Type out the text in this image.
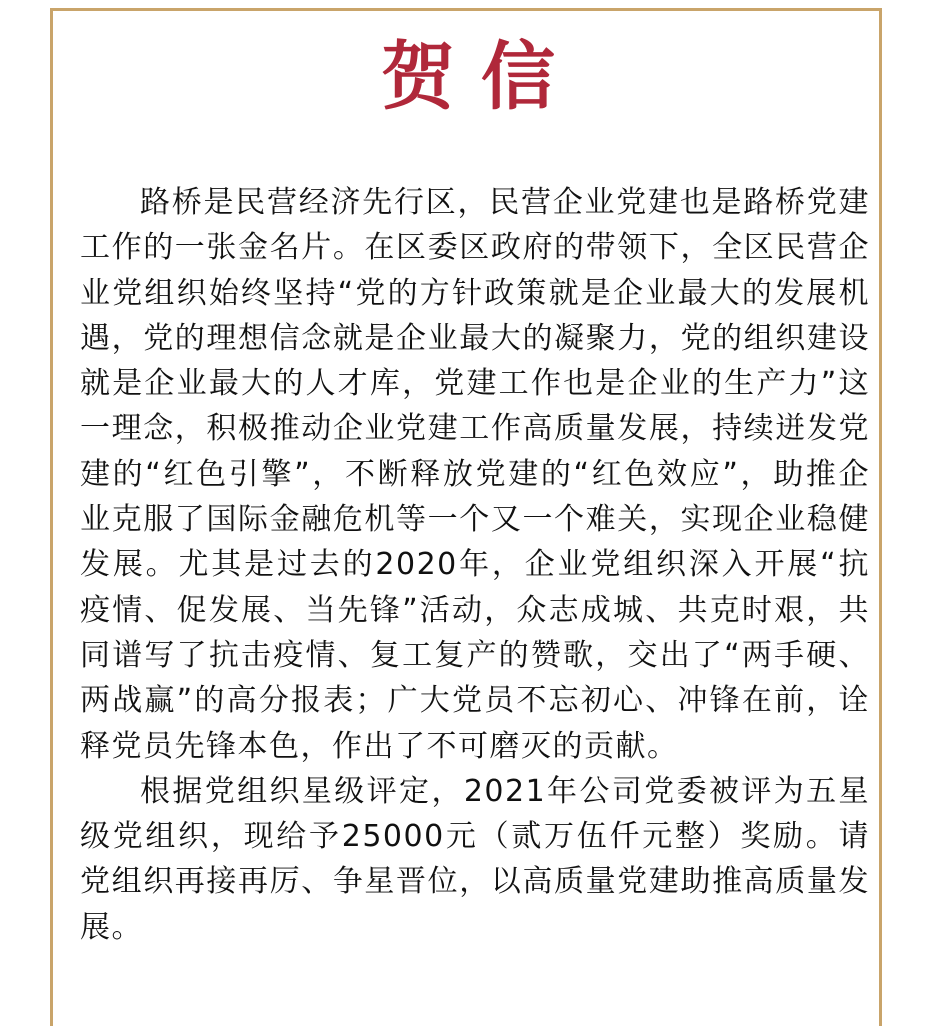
贺信

路桥是民营经济先行区，民营企业党建也是路桥党建工作的一张金名片。在区委区政府的带领下，全区民营企业党组织始终坚持“党的方针政策就是企业最大的发展机遇，党的理想信念就是企业最大的凝聚力，党的组织建设就是企业最大的人才库，党建工作也是企业的生产力”这一理念，积极推动企业党建工作高质量发展，持续迸发党建的“红色引擎”，不断释放党建的“红色效应”，助推企业克服了国际金融危机等一个又一个难关，实现企业稳健发展。尤其是过去的2020年，企业党组织深入开展“抗疫情、促发展、当先锋”活动，众志成城、共克时艰，共同谱写了抗击疫情、复工复产的赞歌，交出了“两手硬、两战赢”的高分报表；广大党员不忘初心、冲锋在前，诠释党员先锋本色，作出了不可磨灭的贡献。

根据党组织星级评定，2021年公司党委被评为五星级党组织，现给予25000元（贰万伍仟元整）奖励。请党组织再接再厉、争星晋位，以高质量党建助推高质量发展。
